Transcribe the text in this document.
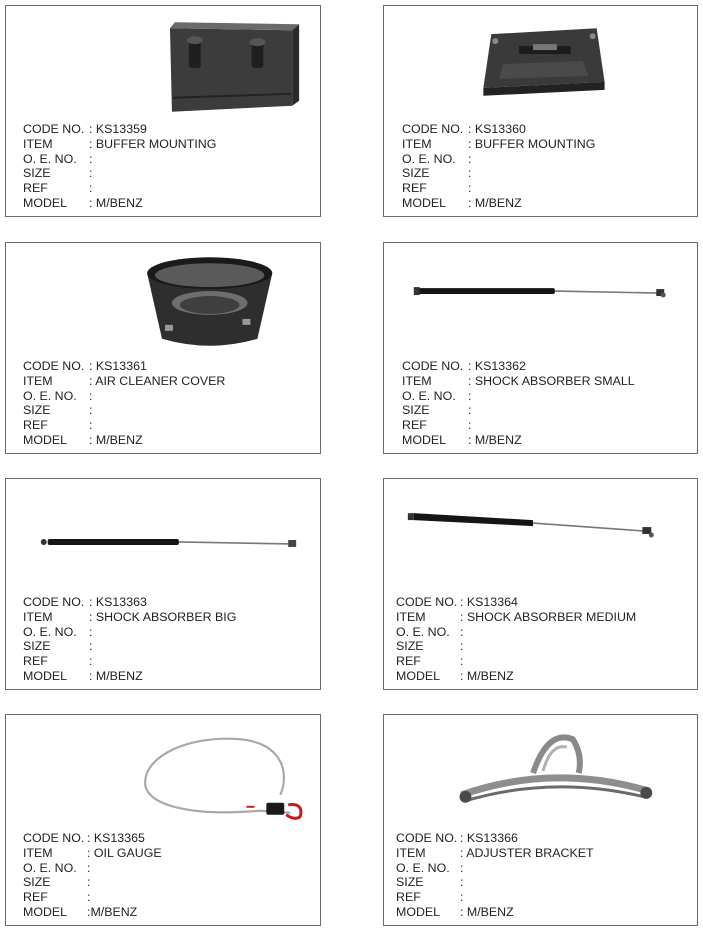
CODE NO. : KS13359
ITEM	: BUFFER MOUNTING
O. E. NO. :
SIZE	:
REF	:
MODEL	: M/BENZ
CODE NO. : KS13360
ITEM	: BUFFER MOUNTING
O. E. NO. :
SIZE	:
REF	:
MODEL	: M/BENZ
CODE NO. : KS13361
ITEM	: AIR CLEANER COVER
O. E. NO. :
SIZE	:
REF	:
MODEL	: M/BENZ
CODE NO. : KS13362
ITEM	: SHOCK ABSORBER SMALL
O. E. NO. :
SIZE	:
REF	:
MODEL	: M/BENZ
CODE NO. : KS13363
ITEM	: SHOCK ABSORBER BIG
O. E. NO. :
SIZE	:
REF	:
MODEL	: M/BENZ
CODE NO. : KS13364
ITEM	: SHOCK ABSORBER MEDIUM
O. E. NO. :
SIZE	:
REF	:
MODEL	: M/BENZ
CODE NO. : KS13365
ITEM	: OIL GAUGE
O. E. NO. :
SIZE	:
REF	:
MODEL	:M/BENZ
CODE NO. : KS13366
ITEM	: ADJUSTER BRACKET
O. E. NO. :
SIZE	:
REF	:
MODEL	: M/BENZ
